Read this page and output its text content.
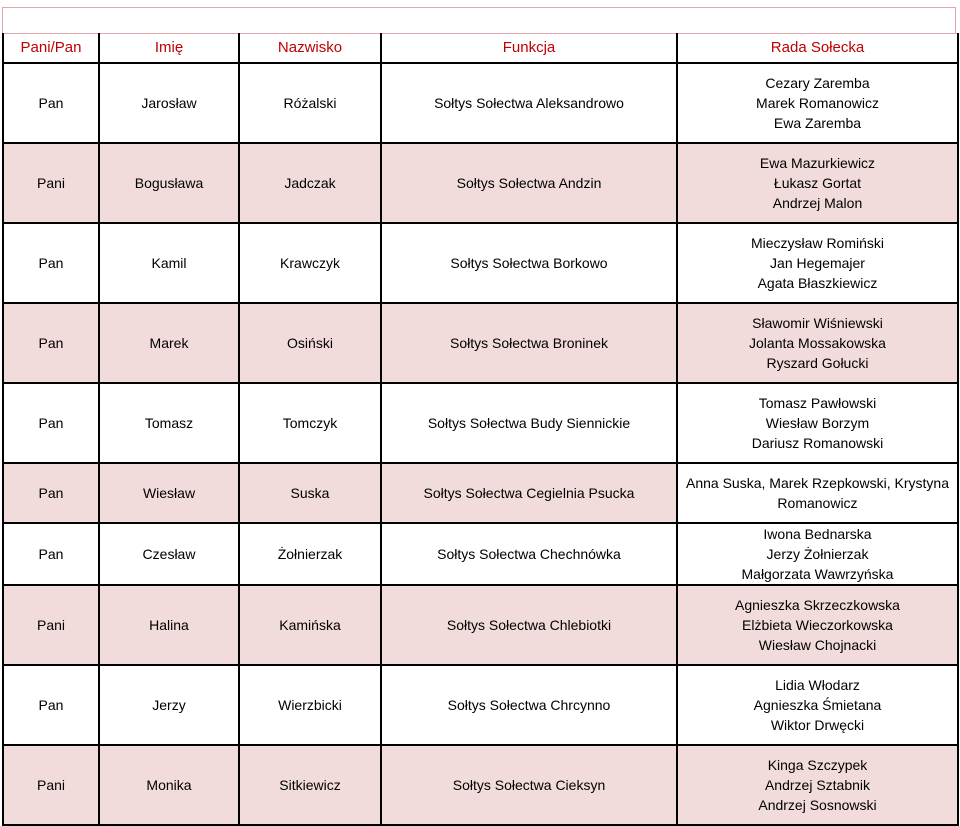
Pani/Pan	Imię	Nazwisko	Funkcja	Rada Sołecka
Pan	Jarosław	Różalski	Sołtys Sołectwa Aleksandrowo	Cezary Zaremba
Marek Romanowicz
Ewa Zaremba

Pani	Bogusława	Jadczak	Sołtys Sołectwa Andzin	Ewa Mazurkiewicz
Łukasz Gortat
Andrzej Malon

Pan	Kamil	Krawczyk	Sołtys Sołectwa Borkowo	Mieczysław Romiński
Jan Hegemajer
Agata Błaszkiewicz

Pan	Marek	Osiński	Sołtys Sołectwa Broninek	Sławomir Wiśniewski
Jolanta Mossakowska
Ryszard Gołucki

Pan	Tomasz	Tomczyk	Sołtys Sołectwa Budy Siennickie	Tomasz Pawłowski
Wiesław Borzym
Dariusz Romanowski

Pan	Wiesław	Suska	Sołtys Sołectwa Cegielnia Psucka	Anna Suska, Marek Rzepkowski, Krystyna
Romanowicz

Pan	Czesław	Żołnierzak	Sołtys Sołectwa Chechnówka	Iwona Bednarska
Jerzy Żołnierzak
Małgorzata Wawrzyńska

Pani	Halina	Kamińska	Sołtys Sołectwa Chlebiotki	Agnieszka Skrzeczkowska
Elżbieta Wieczorkowska
Wiesław Chojnacki

Pan	Jerzy	Wierzbicki	Sołtys Sołectwa Chrcynno	Lidia Włodarz
Agnieszka Śmietana
Wiktor Drwęcki

Pani	Monika	Sitkiewicz	Sołtys Sołectwa Cieksyn	Kinga Szczypek
Andrzej Sztabnik
Andrzej Sosnowski
